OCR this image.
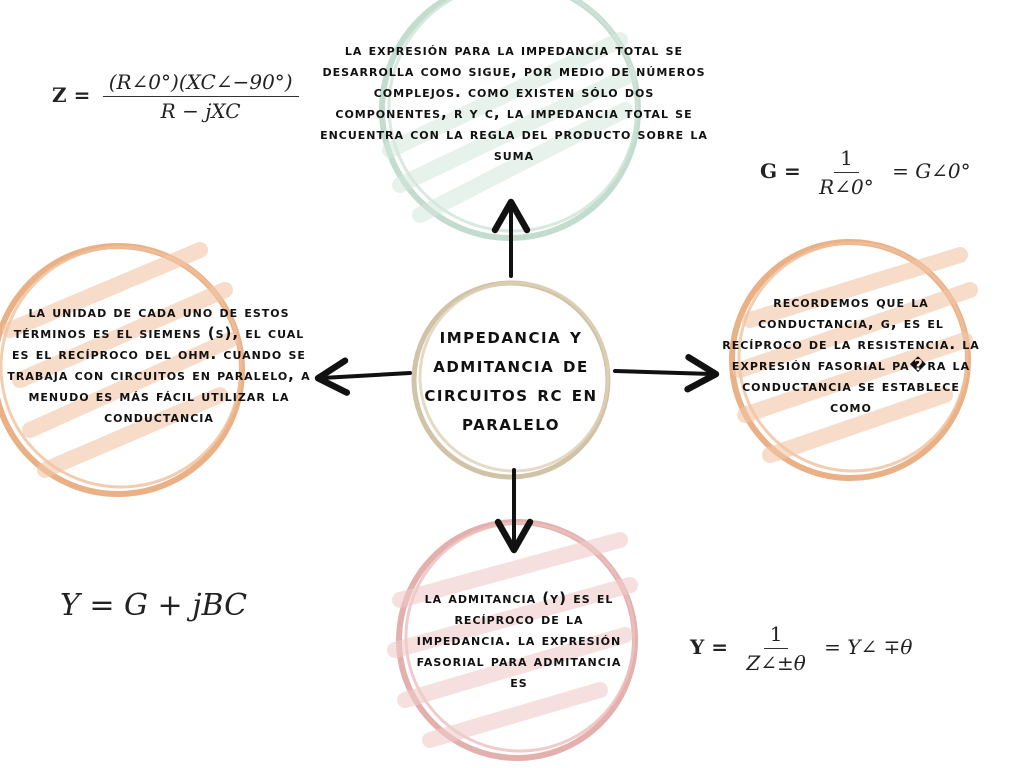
impedancia y admitancia de circuitos rc en paralelo
la expresión para la impedancia total se desarrolla como sigue, por medio de números complejos. como existen sólo dos componentes, r y c, la impedancia total se encuentra con la regla del producto sobre la suma
la unidad de cada uno de estos términos es el siemens (s), el cual es el recíproco del ohm. cuando se trabaja con circuitos en paralelo, a menudo es más fácil utilizar la conductancia
recordemos que la conductancia, g, es el recíproco de la resistencia. la expresión fasorial pa�ra la conductancia se establece como
la admitancia (y) es el recíproco de la impedancia. la expresión fasorial para admitancia es
$Z = \frac{(R\angle 0^\circ)(XC\angle-90^\circ)}{\text{R − jXC}}$
$G = \frac{1}{R\angle 0^\circ}$ = G∠0°
Y = G + jBC
$Y = \frac{1}{Z\angle\pm\theta}$ = Y∠ ∓θ
